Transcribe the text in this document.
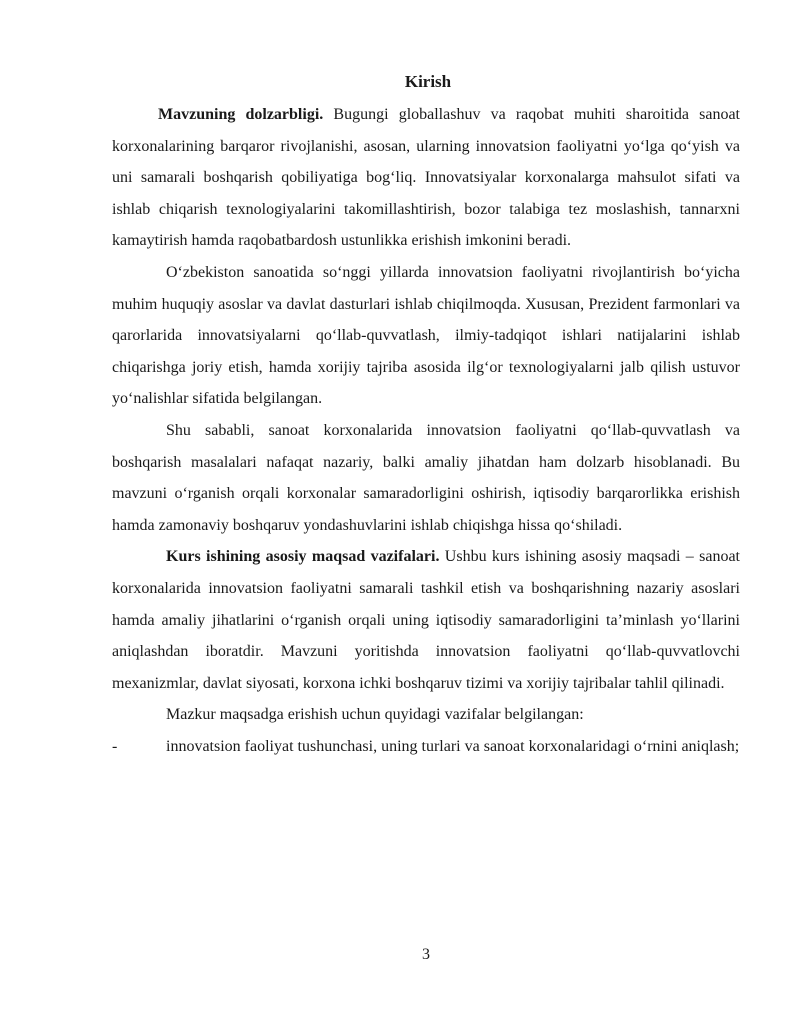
Kirish

Mavzuning dolzarbligi. Bugungi globallashuv va raqobat muhiti sharoitida sanoat korxonalarining barqaror rivojlanishi, asosan, ularning innovatsion faoliyatni yo‘lga qo‘yish va uni samarali boshqarish qobiliyatiga bog‘liq. Innovatsiyalar korxonalarga mahsulot sifati va ishlab chiqarish texnologiyalarini takomillashtirish, bozor talabiga tez moslashish, tannarxni kamaytirish hamda raqobatbardosh ustunlikka erishish imkonini beradi.

O‘zbekiston sanoatida so‘nggi yillarda innovatsion faoliyatni rivojlantirish bo‘yicha muhim huquqiy asoslar va davlat dasturlari ishlab chiqilmoqda. Xususan, Prezident farmonlari va qarorlarida innovatsiyalarni qo‘llab-quvvatlash, ilmiy-tadqiqot ishlari natijalarini ishlab chiqarishga joriy etish, hamda xorijiy tajriba asosida ilg‘or texnologiyalarni jalb qilish ustuvor yo‘nalishlar sifatida belgilangan.

Shu sababli, sanoat korxonalarida innovatsion faoliyatni qo‘llab-quvvatlash va boshqarish masalalari nafaqat nazariy, balki amaliy jihatdan ham dolzarb hisoblanadi. Bu mavzuni o‘rganish orqali korxonalar samaradorligini oshirish, iqtisodiy barqarorlikka erishish hamda zamonaviy boshqaruv yondashuvlarini ishlab chiqishga hissa qo‘shiladi.

Kurs ishining asosiy maqsad vazifalari. Ushbu kurs ishining asosiy maqsadi – sanoat korxonalarida innovatsion faoliyatni samarali tashkil etish va boshqarishning nazariy asoslari hamda amaliy jihatlarini o‘rganish orqali uning iqtisodiy samaradorligini ta’minlash yo‘llarini aniqlashdan iboratdir. Mavzuni yoritishda innovatsion faoliyatni qo‘llab-quvvatlovchi mexanizmlar, davlat siyosati, korxona ichki boshqaruv tizimi va xorijiy tajribalar tahlil qilinadi.

Mazkur maqsadga erishish uchun quyidagi vazifalar belgilangan:

-	innovatsion faoliyat tushunchasi, uning turlari va sanoat korxonalaridagi o‘rnini aniqlash;

3
